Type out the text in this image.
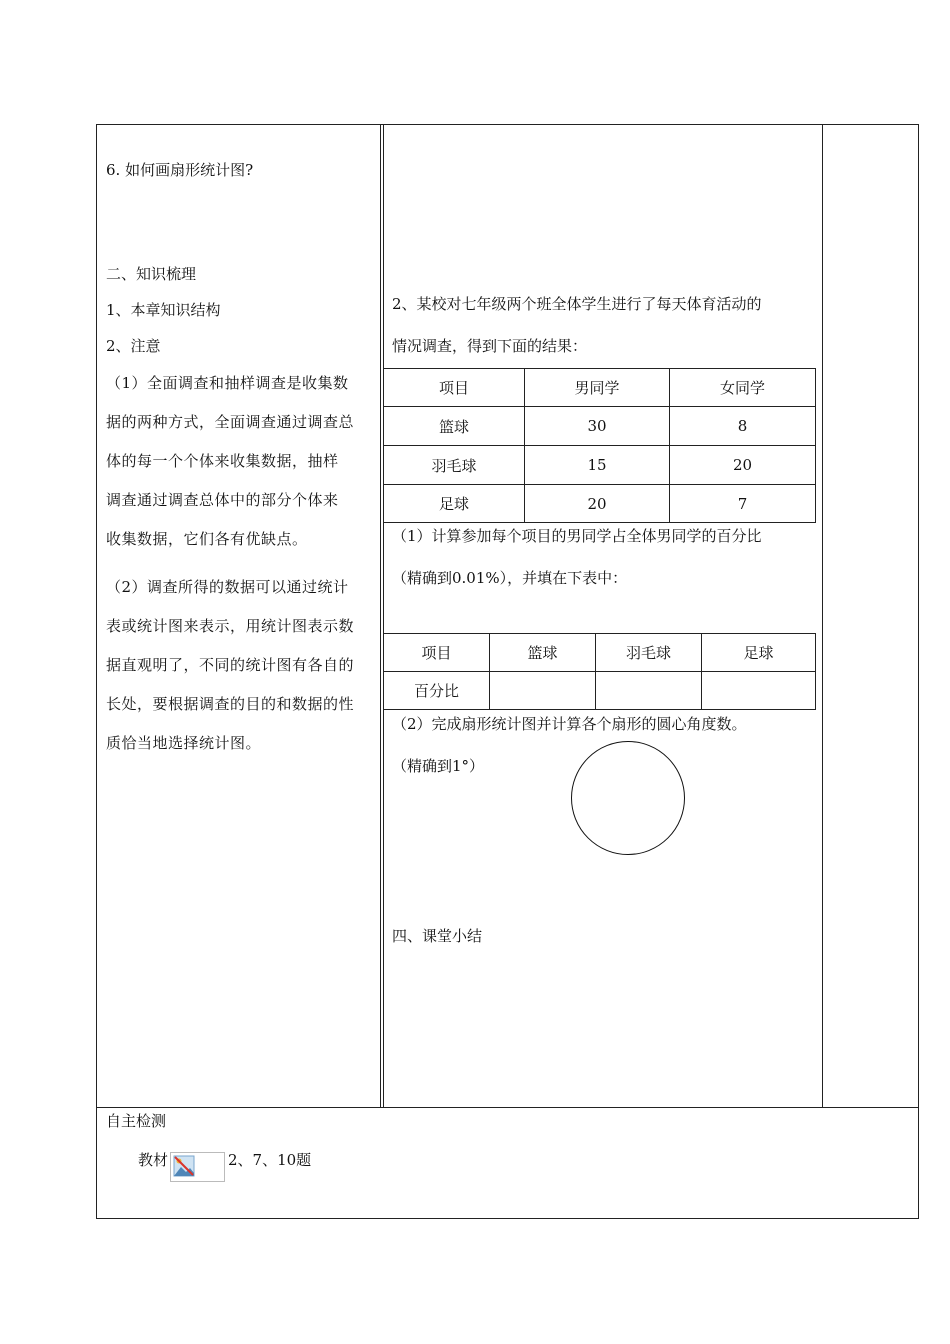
6. 如何画扇形统计图?
二、知识梳理
1、本章知识结构
2、注意
（1）全面调查和抽样调查是收集数
据的两种方式，全面调查通过调查总
体的每一个个体来收集数据，抽样
调查通过调查总体中的部分个体来
收集数据，它们各有优缺点。
（2）调查所得的数据可以通过统计
表或统计图来表示，用统计图表示数
据直观明了，不同的统计图有各自的
长处，要根据调查的目的和数据的性
质恰当地选择统计图。
2、某校对七年级两个班全体学生进行了每天体育活动的
情况调查，得到下面的结果：
项目	男同学	女同学
篮球	30	8
羽毛球	15	20
足球	20	7
（1）计算参加每个项目的男同学占全体男同学的百分比
（精确到0.01%），并填在下表中：
项目	篮球	羽毛球	足球
百分比			
（2）完成扇形统计图并计算各个扇形的圆心角度数。
（精确到1°）
四、课堂小结
自主检测
教材	2、7、10题
